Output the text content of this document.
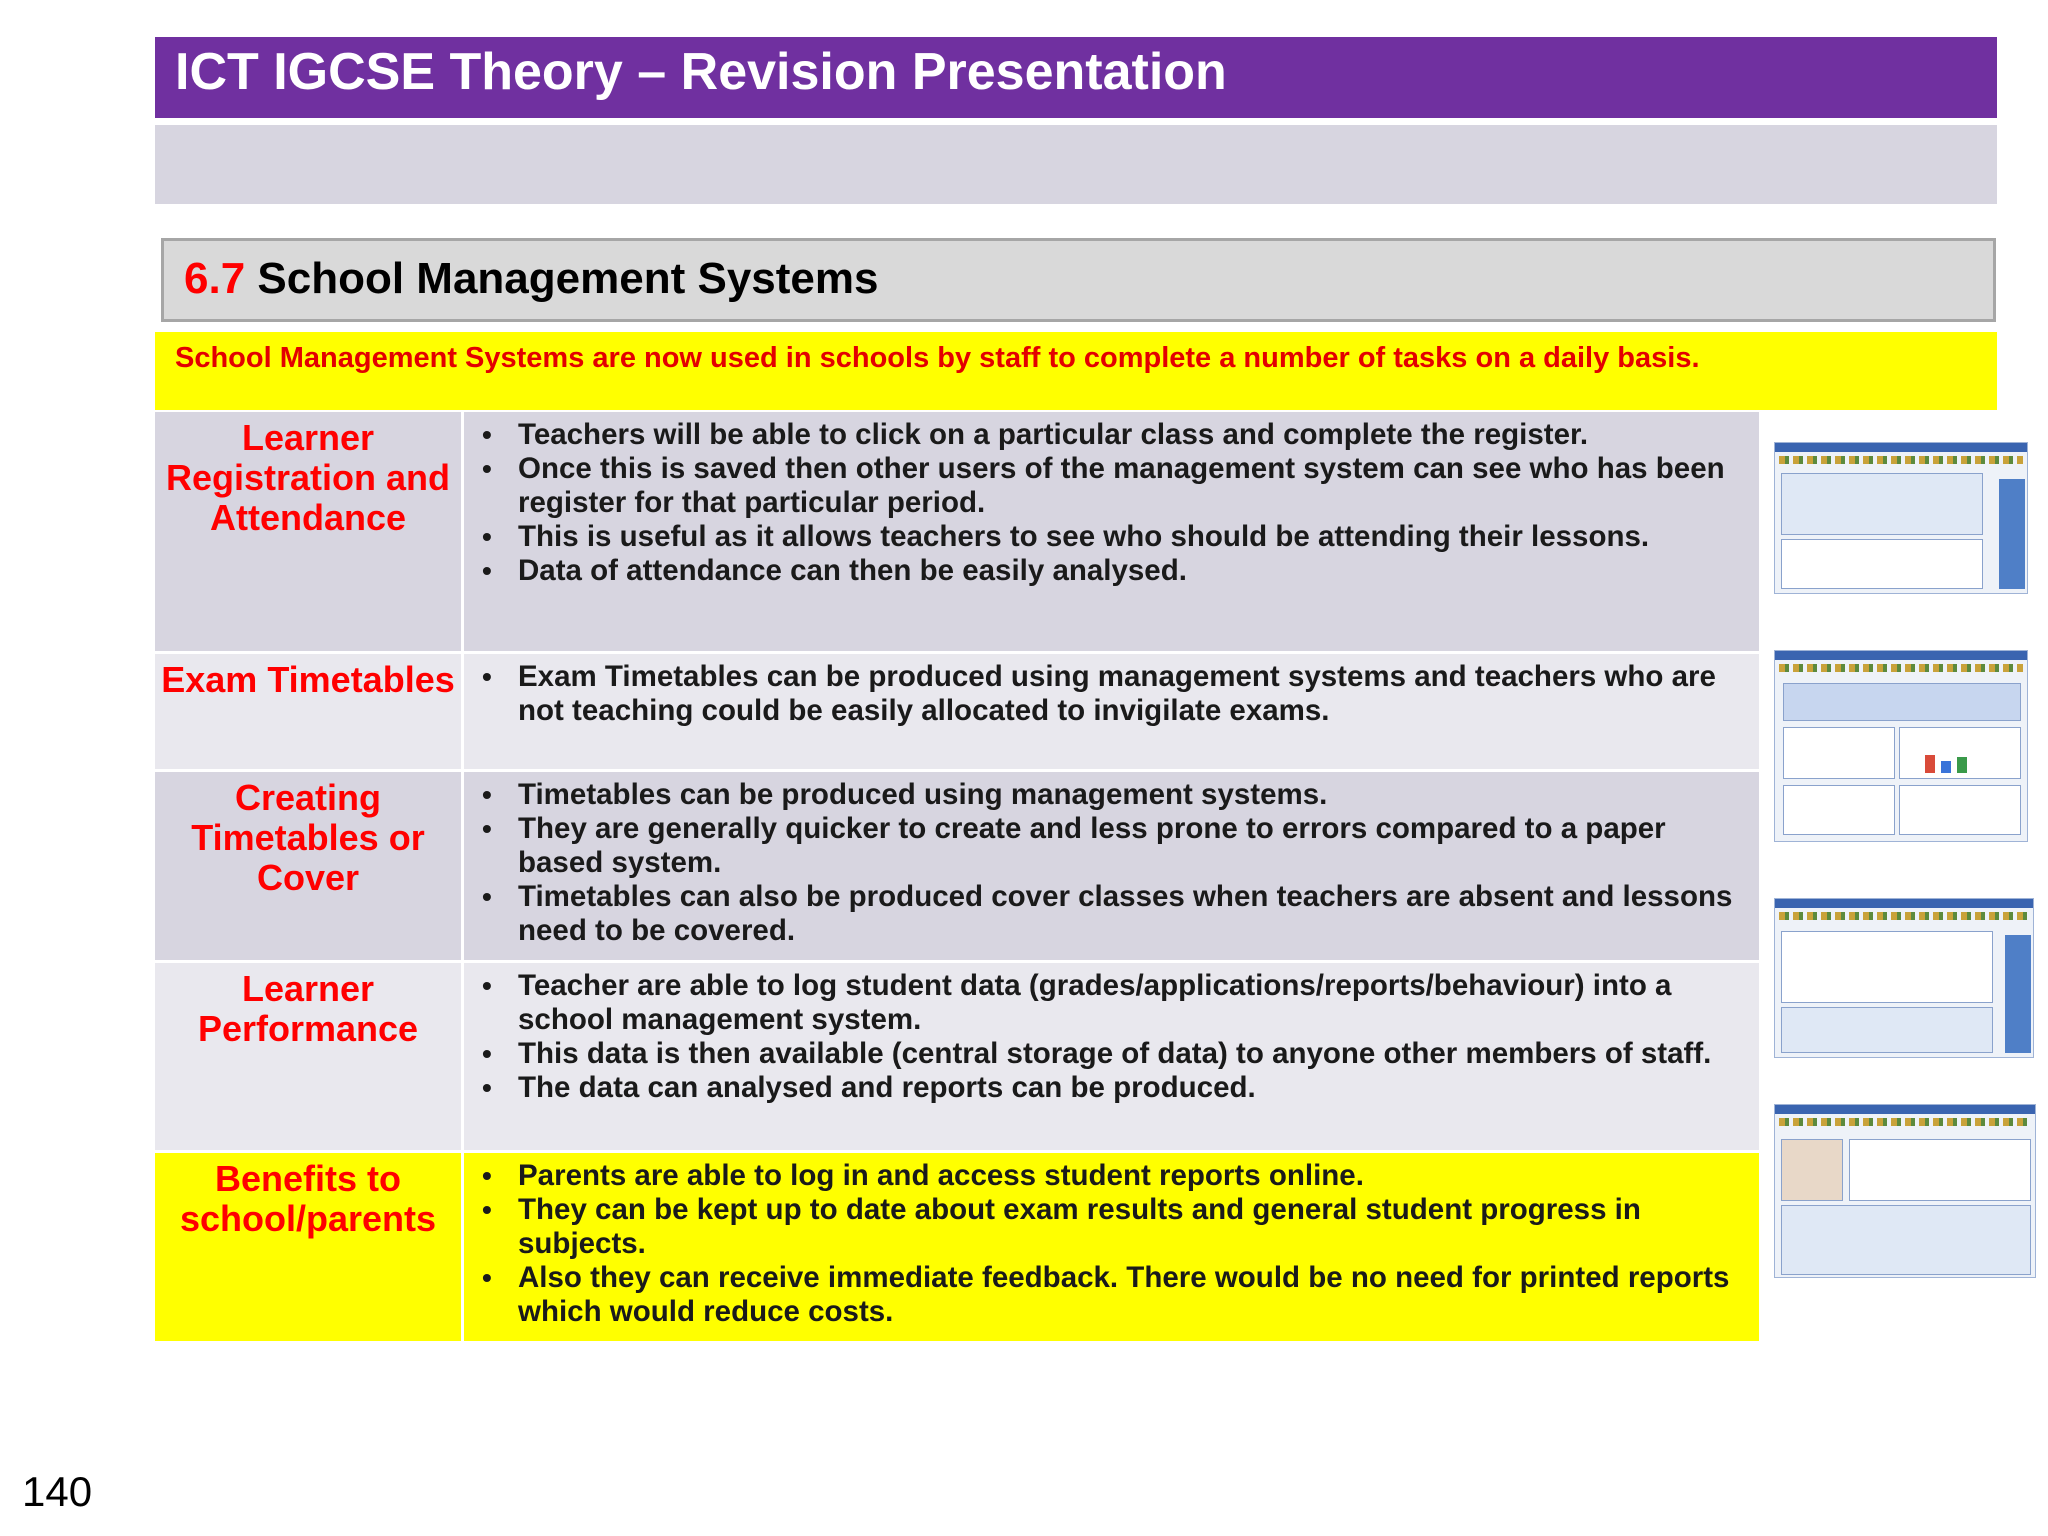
ICT IGCSE Theory – Revision Presentation
6.7 School Management Systems
School Management Systems are now used in schools by staff to complete a number of tasks on a daily basis.
Learner Registration and Attendance
• Teachers will be able to click on a particular class and complete the register.
• Once this is saved then other users of the management system can see who has been register for that particular period.
• This is useful as it allows teachers to see who should be attending their lessons.
• Data of attendance can then be easily analysed.
Exam Timetables
• Exam Timetables can be produced using management systems and teachers who are not teaching could be easily allocated to invigilate exams.
Creating Timetables or Cover
• Timetables can be produced using management systems.
• They are generally quicker to create and less prone to errors compared to a paper based system.
• Timetables can also be produced cover classes when teachers are absent and lessons need to be covered.
Learner Performance
• Teacher are able to log student data (grades/applications/reports/behaviour) into a school management system.
• This data is then available (central storage of data) to anyone other members of staff.
• The data can analysed and reports can be produced.
Benefits to school/parents
• Parents are able to log in and access student reports online.
• They can be kept up to date about exam results and general student progress in subjects.
• Also they can receive immediate feedback. There would be no need for printed reports which would reduce costs.
140
